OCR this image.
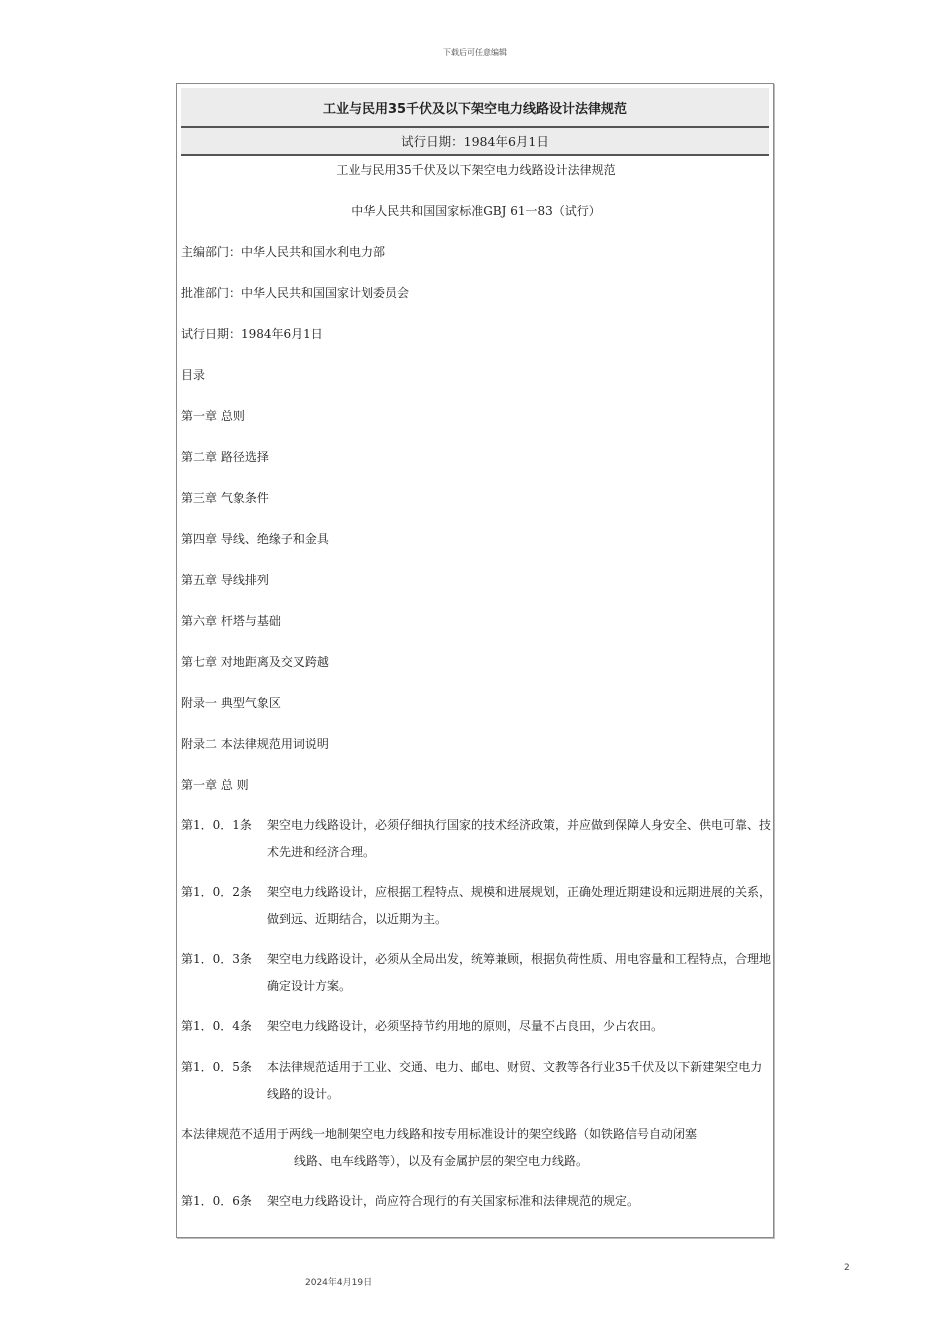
下载后可任意编辑
工业与民用35千伏及以下架空电力线路设计法律规范
试行日期：1984年6月1日
工业与民用35千伏及以下架空电力线路设计法律规范
中华人民共和国国家标准GBJ 61一83（试行）
主编部门：中华人民共和国水利电力部
批准部门：中华人民共和国国家计划委员会
试行日期：1984年6月1日
目录
第一章 总则
第二章 路径选择
第三章 气象条件
第四章 导线、绝缘子和金具
第五章 导线排列
第六章 杆塔与基础
第七章 对地距离及交叉跨越
附录一 典型气象区
附录二 本法律规范用词说明
第一章 总 则
第1．0．1条	架空电力线路设计，必须仔细执行国家的技术经济政策，并应做到保障人身安全、供电可靠、技术先进和经济合理。
第1．0．2条	架空电力线路设计，应根据工程特点、规模和进展规划，正确处理近期建设和远期进展的关系，做到远、近期结合，以近期为主。
第1．0．3条	架空电力线路设计，必须从全局出发，统筹兼顾，根据负荷性质、用电容量和工程特点，合理地确定设计方案。
第1．0．4条	架空电力线路设计，必须坚持节约用地的原则，尽量不占良田，少占农田。
第1．0．5条	本法律规范适用于工业、交通、电力、邮电、财贸、文教等各行业35千伏及以下新建架空电力线路的设计。
本法律规范不适用于两线一地制架空电力线路和按专用标准设计的架空线路（如铁路信号自动闭塞
线路、电车线路等），以及有金属护层的架空电力线路。
第1．0．6条	架空电力线路设计，尚应符合现行的有关国家标准和法律规范的规定。
2
2024年4月19日
